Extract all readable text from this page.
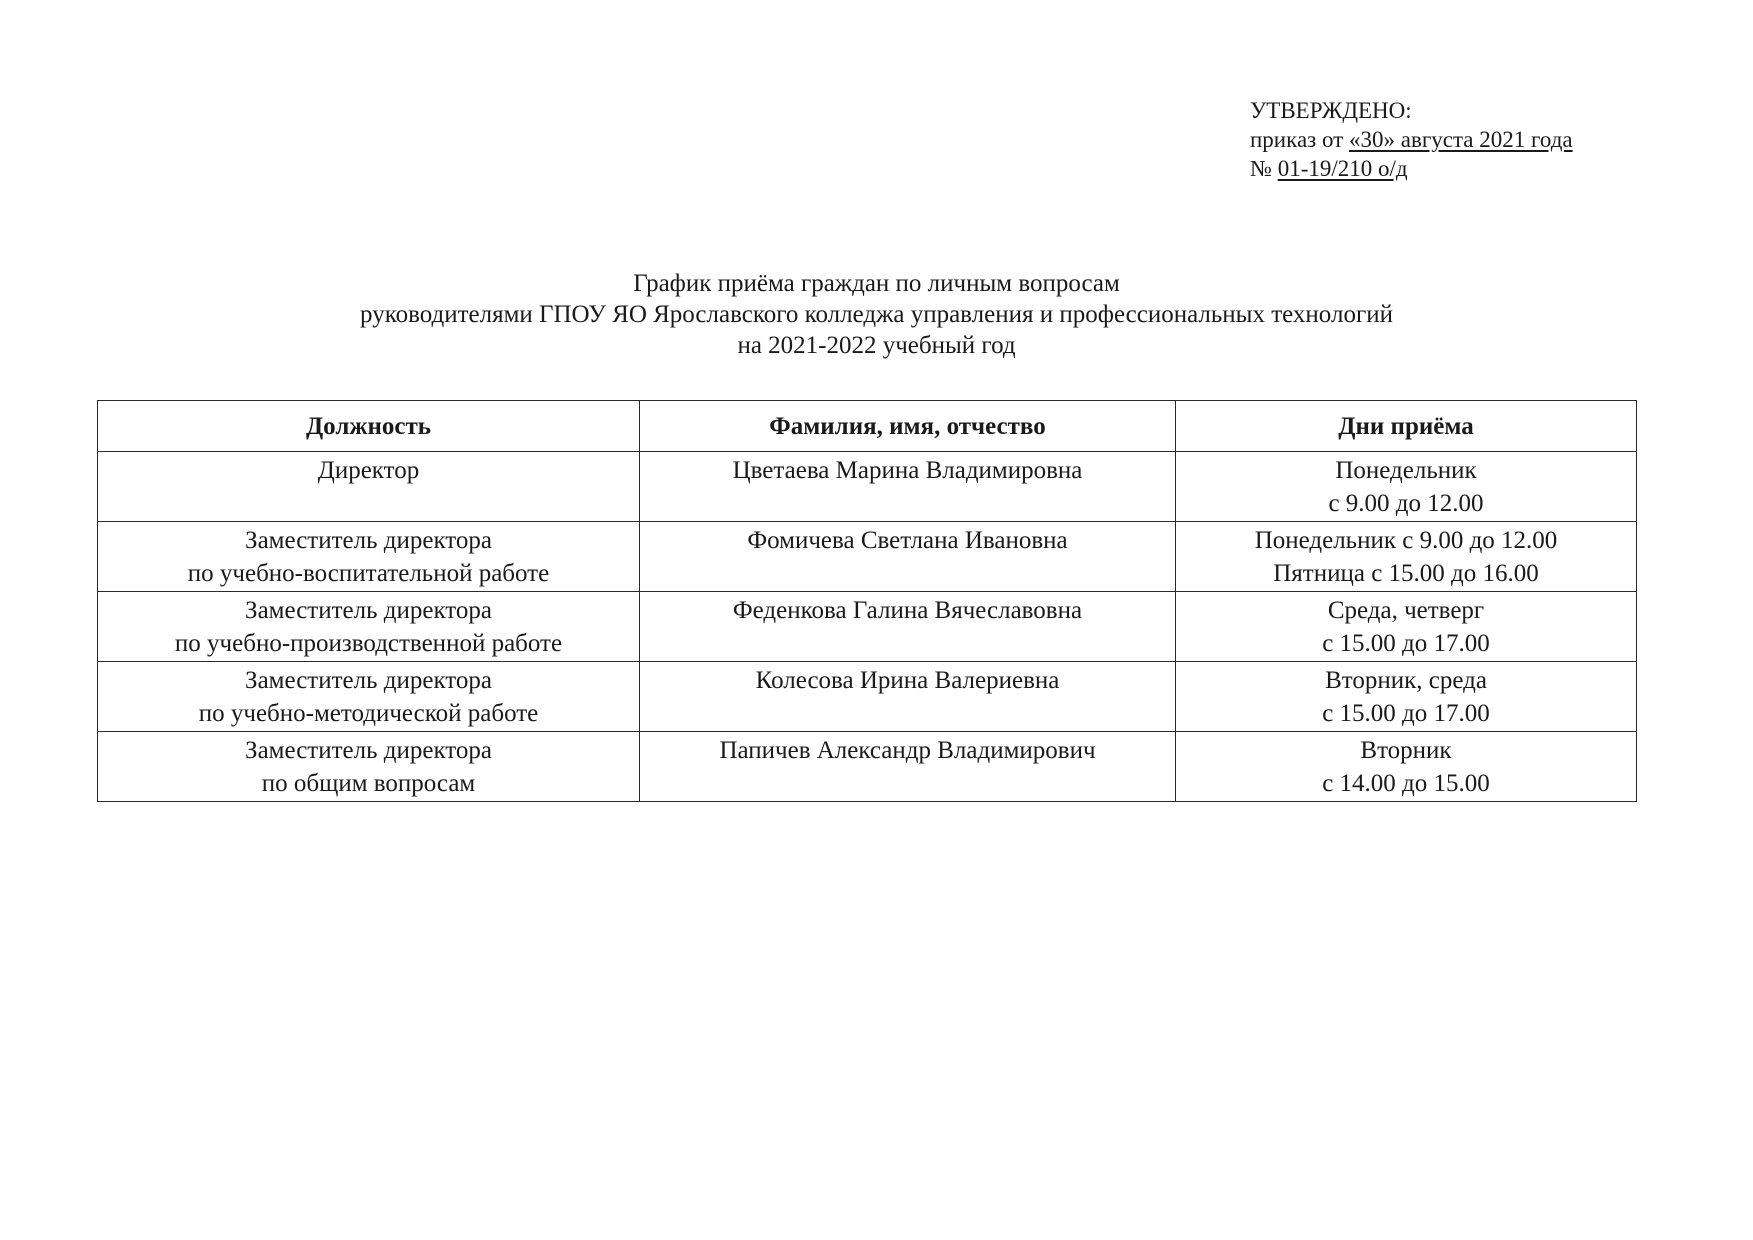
УТВЕРЖДЕНО:
приказ от «30» августа 2021 года
№ 01-19/210 о/д
График приёма граждан по личным вопросам
руководителями ГПОУ ЯО Ярославского колледжа управления и профессиональных технологий
на 2021-2022 учебный год
Должность	Фамилия, имя, отчество	Дни приёма

Директор	Цветаева Марина Владимировна	Понедельник
с 9.00 до 12.00

Заместитель директора
по учебно-воспитательной работе	Фомичева Светлана Ивановна	Понедельник с 9.00 до 12.00
Пятница с 15.00 до 16.00

Заместитель директора
по учебно-производственной работе	Феденкова Галина Вячеславовна	Среда, четверг
с 15.00 до 17.00

Заместитель директора
по учебно-методической работе	Колесова Ирина Валериевна	Вторник, среда
с 15.00 до 17.00

Заместитель директора
по общим вопросам	Папичев Александр Владимирович	Вторник
с 14.00 до 15.00
